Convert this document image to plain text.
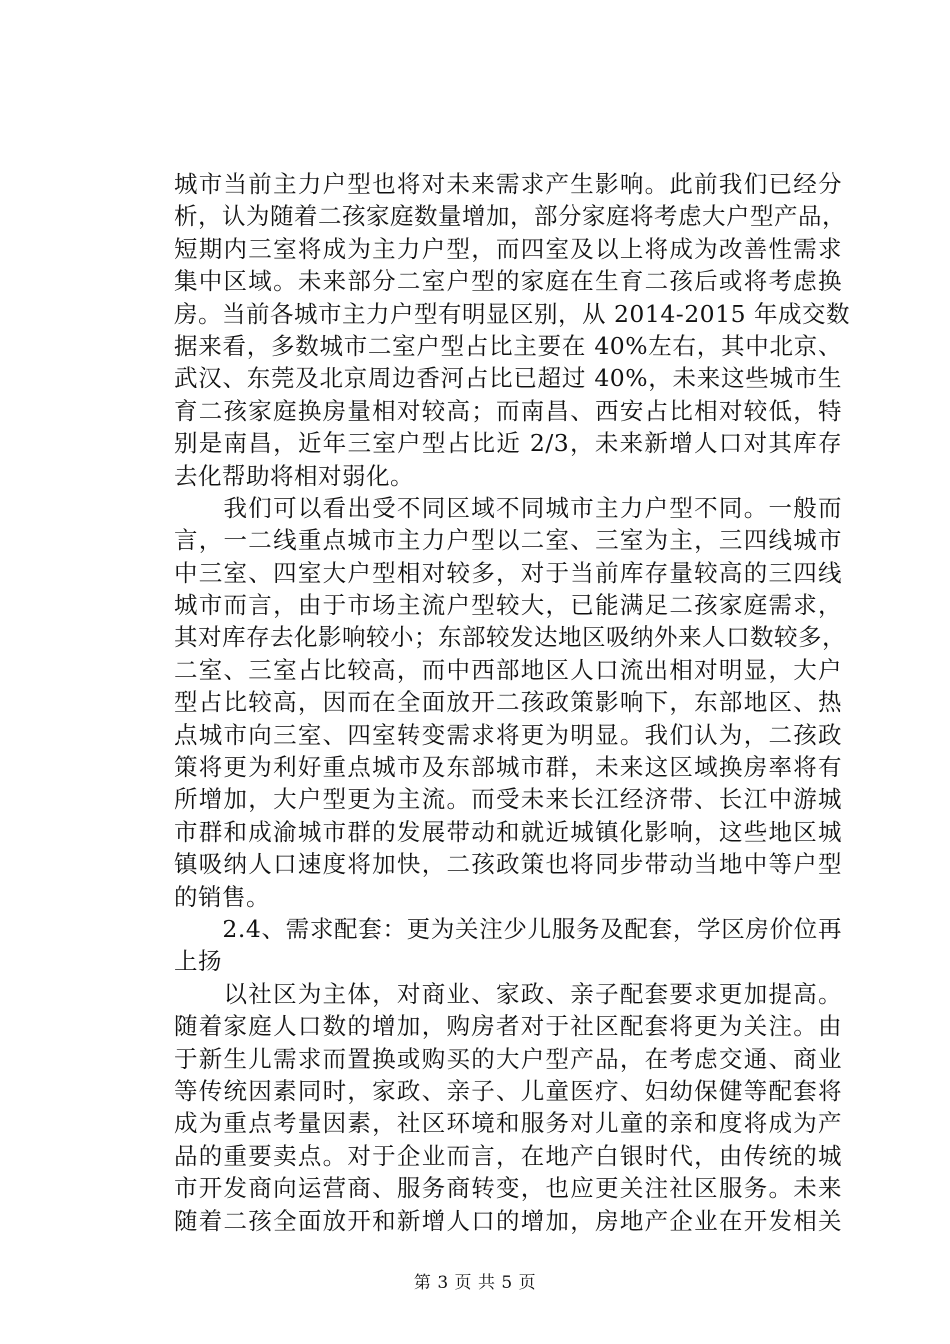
城市当前主力户型也将对未来需求产生影响。此前我们已经分
析，认为随着二孩家庭数量增加，部分家庭将考虑大户型产品，
短期内三室将成为主力户型，而四室及以上将成为改善性需求
集中区域。未来部分二室户型的家庭在生育二孩后或将考虑换
房。当前各城市主力户型有明显区别，从 2014-2015 年成交数
据来看，多数城市二室户型占比主要在 40%左右，其中北京、
武汉、东莞及北京周边香河占比已超过 40%，未来这些城市生
育二孩家庭换房量相对较高；而南昌、西安占比相对较低，特
别是南昌，近年三室户型占比近 2/3，未来新增人口对其库存
去化帮助将相对弱化。
　　我们可以看出受不同区域不同城市主力户型不同。一般而
言，一二线重点城市主力户型以二室、三室为主，三四线城市
中三室、四室大户型相对较多，对于当前库存量较高的三四线
城市而言，由于市场主流户型较大，已能满足二孩家庭需求，
其对库存去化影响较小；东部较发达地区吸纳外来人口数较多，
二室、三室占比较高，而中西部地区人口流出相对明显，大户
型占比较高，因而在全面放开二孩政策影响下，东部地区、热
点城市向三室、四室转变需求将更为明显。我们认为，二孩政
策将更为利好重点城市及东部城市群，未来这区域换房率将有
所增加，大户型更为主流。而受未来长江经济带、长江中游城
市群和成渝城市群的发展带动和就近城镇化影响，这些地区城
镇吸纳人口速度将加快，二孩政策也将同步带动当地中等户型
的销售。
　　2.4、需求配套：更为关注少儿服务及配套，学区房价位再
上扬
　　以社区为主体，对商业、家政、亲子配套要求更加提高。
随着家庭人口数的增加，购房者对于社区配套将更为关注。由
于新生儿需求而置换或购买的大户型产品，在考虑交通、商业
等传统因素同时，家政、亲子、儿童医疗、妇幼保健等配套将
成为重点考量因素，社区环境和服务对儿童的亲和度将成为产
品的重要卖点。对于企业而言，在地产白银时代，由传统的城
市开发商向运营商、服务商转变，也应更关注社区服务。未来
随着二孩全面放开和新增人口的增加，房地产企业在开发相关
第 3 页 共 5 页
